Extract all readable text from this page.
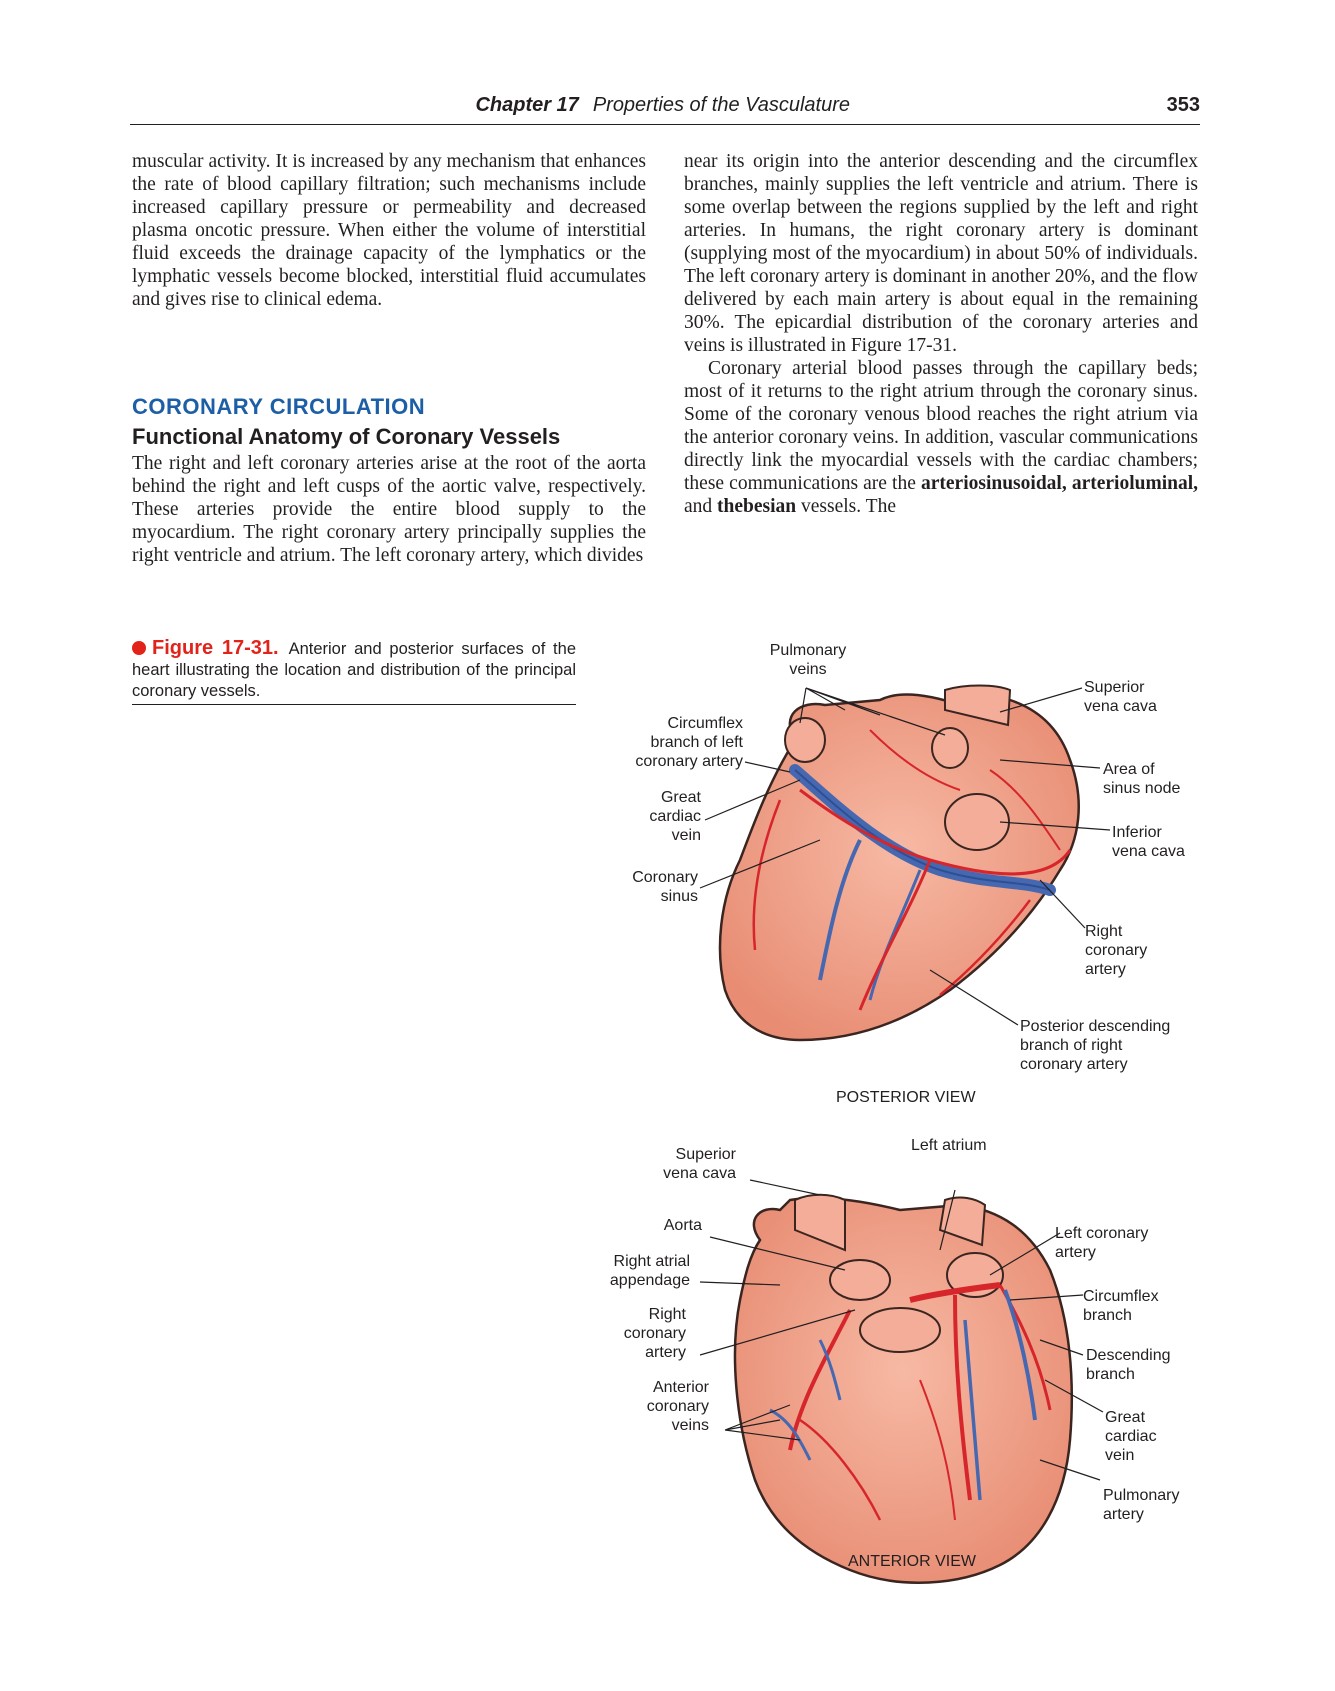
Chapter 17 Properties of the Vasculature	353

muscular activity. It is increased by any mechanism that enhances the rate of blood capillary filtration; such mechanisms include increased capillary pressure or permeability and decreased plasma oncotic pressure. When either the volume of interstitial fluid exceeds the drainage capacity of the lymphatics or the lymphatic vessels become blocked, interstitial fluid accumulates and gives rise to clinical edema.

CORONARY CIRCULATION
Functional Anatomy of Coronary Vessels

The right and left coronary arteries arise at the root of the aorta behind the right and left cusps of the aortic valve, respectively. These arteries provide the entire blood supply to the myocardium. The right coronary artery principally supplies the right ventricle and atrium. The left coronary artery, which divides

near its origin into the anterior descending and the circumflex branches, mainly supplies the left ventricle and atrium. There is some overlap between the regions supplied by the left and right arteries. In humans, the right coronary artery is dominant (supplying most of the myocardium) in about 50% of individuals. The left coronary artery is dominant in another 20%, and the flow delivered by each main artery is about equal in the remaining 30%. The epicardial distribution of the coronary arteries and veins is illustrated in Figure 17-31.

Coronary arterial blood passes through the capillary beds; most of it returns to the right atrium through the coronary sinus. Some of the coronary venous blood reaches the right atrium via the anterior coronary veins. In addition, vascular communications directly link the myocardial vessels with the cardiac chambers; these communications are the arteriosinusoidal, arterioluminal, and thebesian vessels. The

Figure 17-31. Anterior and posterior surfaces of the heart illustrating the location and distribution of the principal coronary vessels.
Pulmonary
veins
Superior
vena cava
Circumflex
branch of left
coronary artery	Area of
sinus node
Great
cardiac
vein	Inferior
vena cava
Coronary
sinus
Right
coronary
artery
Posterior descending
branch of right
coronary artery
POSTERIOR VIEW
Left atrium
Superior
vena cava
Aorta	Left coronary
artery
Right atrial
appendage
Circumflex
branch
Right
coronary
artery	Descending
branch
Anterior
coronary
veins	Great
cardiac
vein
Pulmonary
artery
ANTERIOR VIEW
